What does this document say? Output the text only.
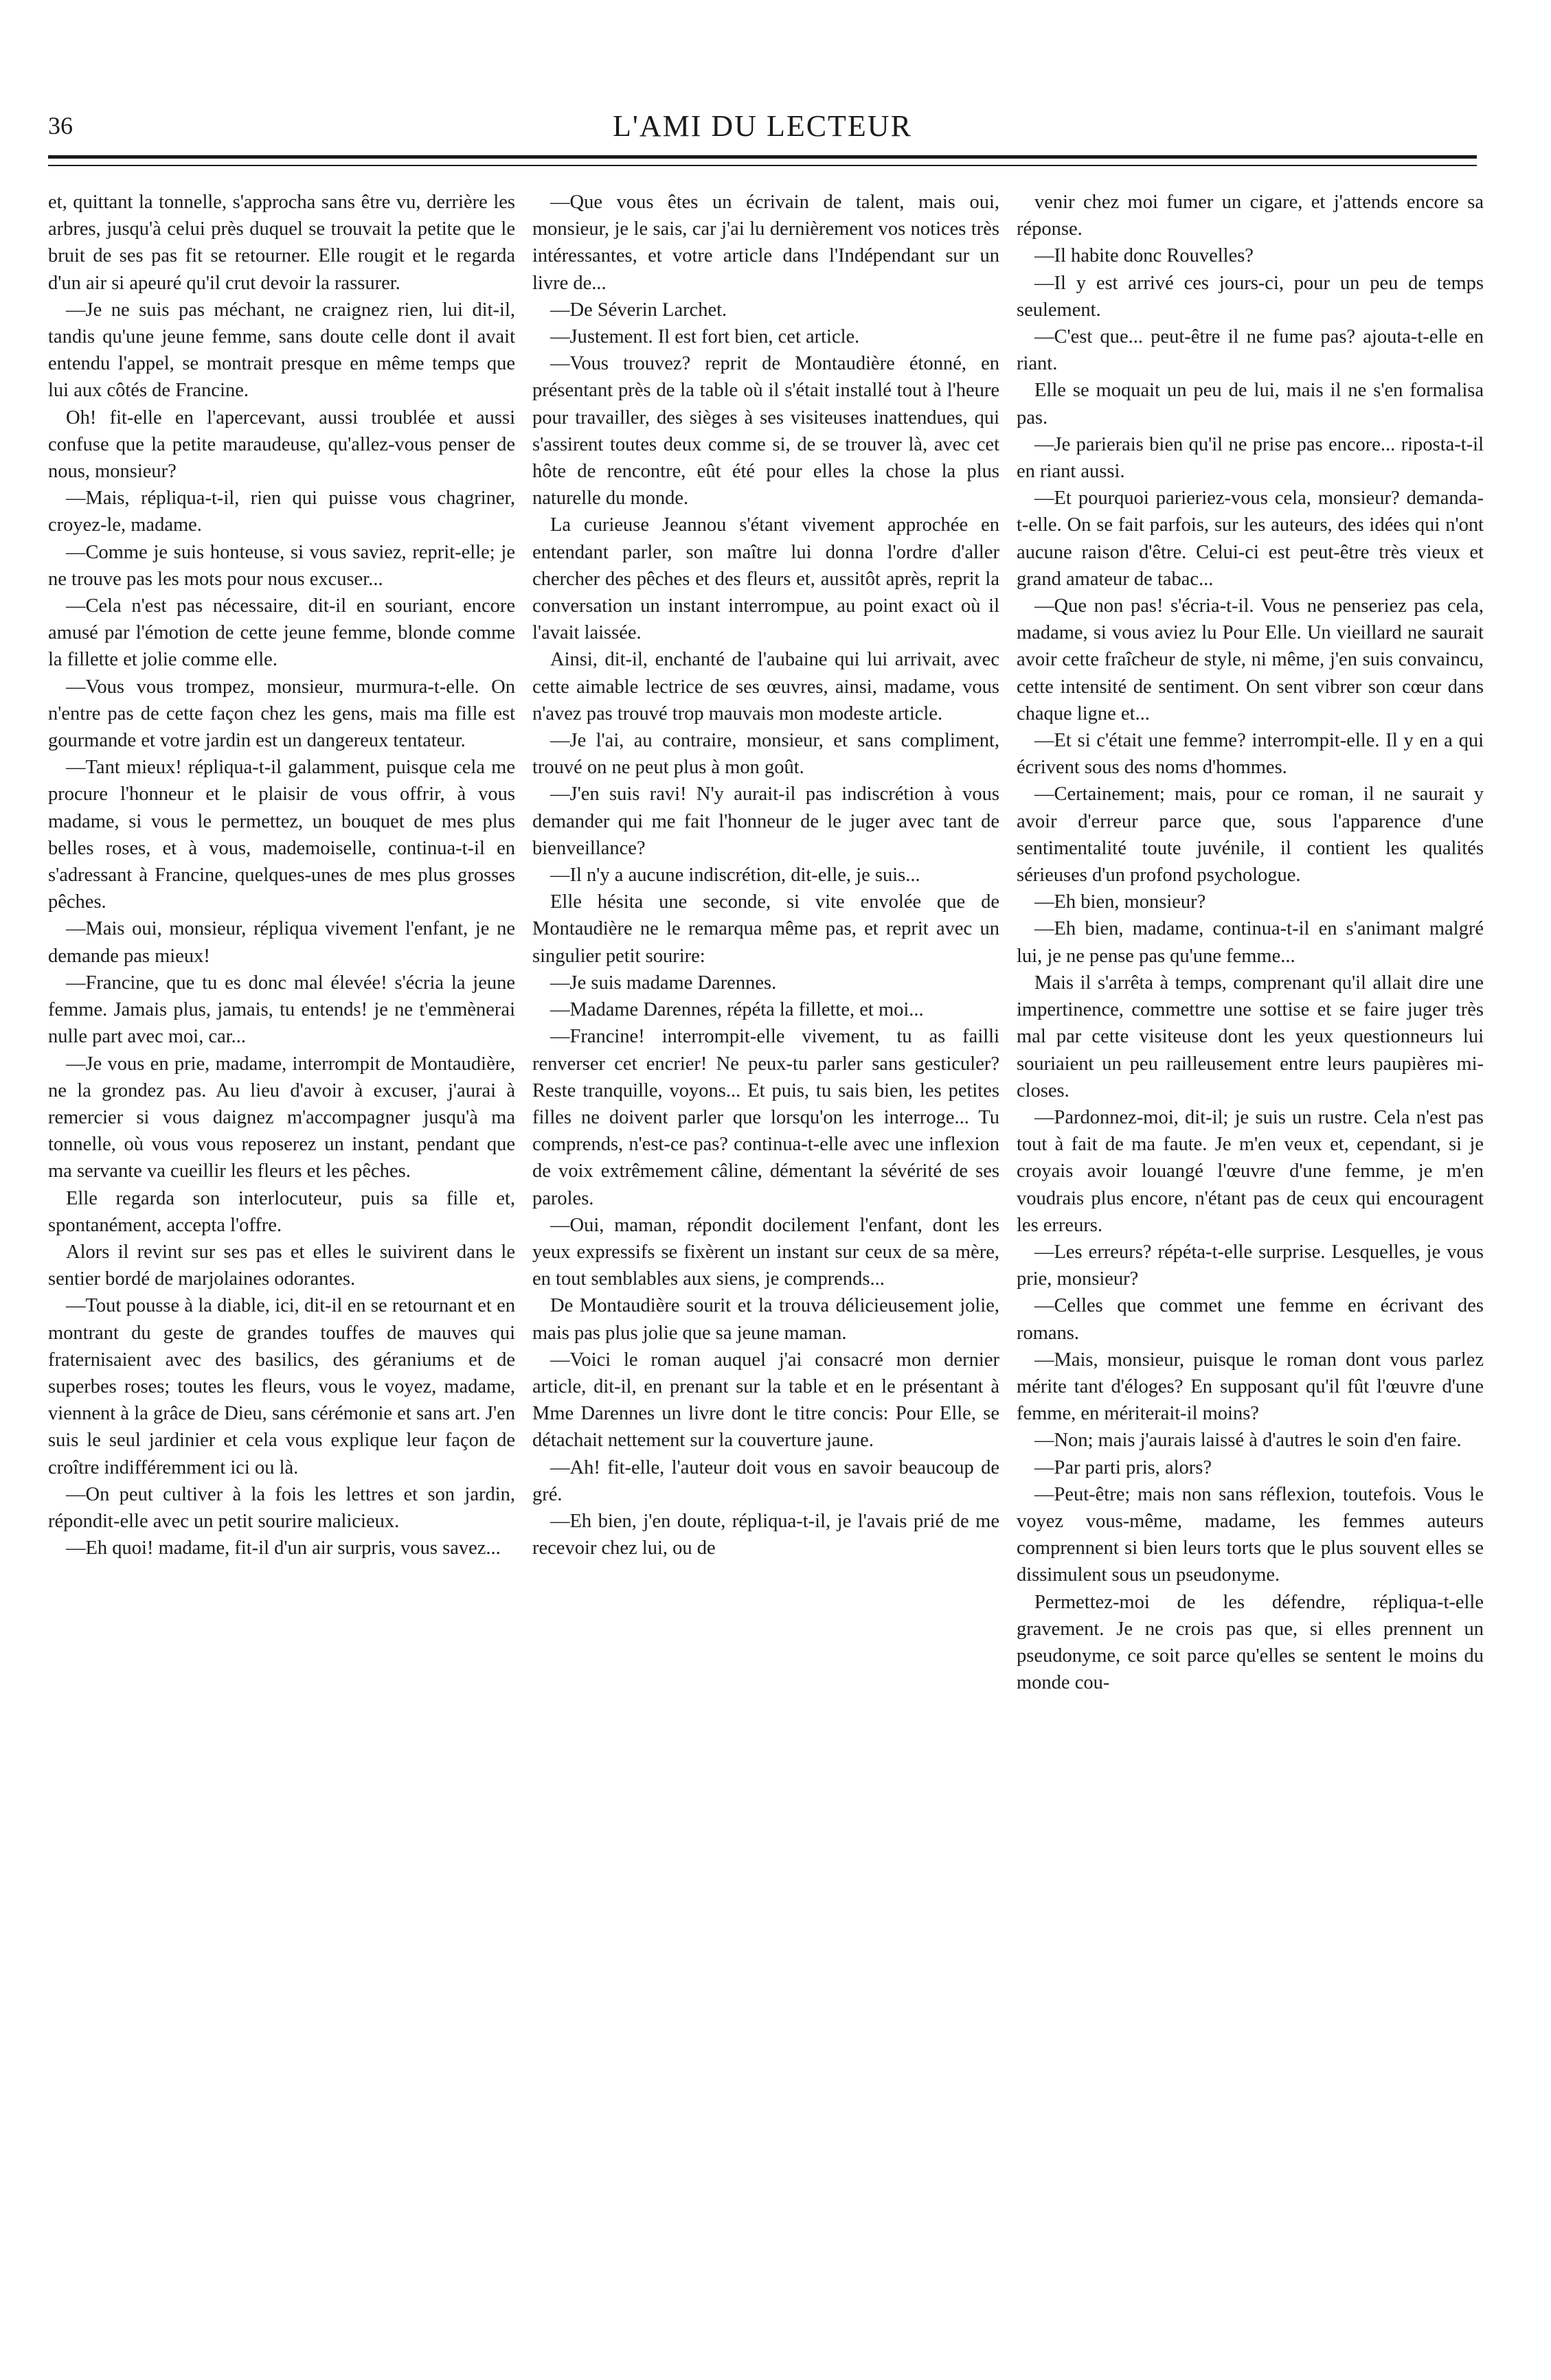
36	L'AMI DU LECTEUR

et, quittant la tonnelle, s'approcha sans être vu, derrière les arbres, jusqu'à celui près duquel se trouvait la petite que le bruit de ses pas fit se retourner. Elle rougit et le regarda d'un air si apeuré qu'il crut devoir la rassurer.

—Je ne suis pas méchant, ne craignez rien, lui dit-il, tandis qu'une jeune femme, sans doute celle dont il avait entendu l'appel, se montrait presque en même temps que lui aux côtés de Francine.

Oh! fit-elle en l'apercevant, aussi troublée et aussi confuse que la petite maraudeuse, qu'allez-vous penser de nous, monsieur?

—Mais, répliqua-t-il, rien qui puisse vous chagriner, croyez-le, madame.

—Comme je suis honteuse, si vous saviez, reprit-elle; je ne trouve pas les mots pour nous excuser...

—Cela n'est pas nécessaire, dit-il en souriant, encore amusé par l'émotion de cette jeune femme, blonde comme la fillette et jolie comme elle.

—Vous vous trompez, monsieur, murmura-t-elle. On n'entre pas de cette façon chez les gens, mais ma fille est gourmande et votre jardin est un dangereux tentateur.

—Tant mieux! répliqua-t-il galamment, puisque cela me procure l'honneur et le plaisir de vous offrir, à vous madame, si vous le permettez, un bouquet de mes plus belles roses, et à vous, mademoiselle, continua-t-il en s'adressant à Francine, quelques-unes de mes plus grosses pêches.

—Mais oui, monsieur, répliqua vivement l'enfant, je ne demande pas mieux!

—Francine, que tu es donc mal élevée! s'écria la jeune femme. Jamais plus, jamais, tu entends! je ne t'emmènerai nulle part avec moi, car...

—Je vous en prie, madame, interrompit de Montaudière, ne la grondez pas. Au lieu d'avoir à excuser, j'aurai à remercier si vous daignez m'accompagner jusqu'à ma tonnelle, où vous vous reposerez un instant, pendant que ma servante va cueillir les fleurs et les pêches.

Elle regarda son interlocuteur, puis sa fille et, spontanément, accepta l'offre.

Alors il revint sur ses pas et elles le suivirent dans le sentier bordé de marjolaines odorantes.

—Tout pousse à la diable, ici, dit-il en se retournant et en montrant du geste de grandes touffes de mauves qui fraternisaient avec des basilics, des géraniums et de superbes roses; toutes les fleurs, vous le voyez, madame, viennent à la grâce de Dieu, sans cérémonie et sans art. J'en suis le seul jardinier et cela vous explique leur façon de croître indifféremment ici ou là.

—On peut cultiver à la fois les lettres et son jardin, répondit-elle avec un petit sourire malicieux.

—Eh quoi! madame, fit-il d'un air surpris, vous savez...

—Que vous êtes un écrivain de talent, mais oui, monsieur, je le sais, car j'ai lu dernièrement vos notices très intéressantes, et votre article dans l'Indépendant sur un livre de...

—De Séverin Larchet.

—Justement. Il est fort bien, cet article.

—Vous trouvez? reprit de Montaudière étonné, en présentant près de la table où il s'était installé tout à l'heure pour travailler, des sièges à ses visiteuses inattendues, qui s'assirent toutes deux comme si, de se trouver là, avec cet hôte de rencontre, eût été pour elles la chose la plus naturelle du monde.

La curieuse Jeannou s'étant vivement approchée en entendant parler, son maître lui donna l'ordre d'aller chercher des pêches et des fleurs et, aussitôt après, reprit la conversation un instant interrompue, au point exact où il l'avait laissée.

Ainsi, dit-il, enchanté de l'aubaine qui lui arrivait, avec cette aimable lectrice de ses œuvres, ainsi, madame, vous n'avez pas trouvé trop mauvais mon modeste article.

—Je l'ai, au contraire, monsieur, et sans compliment, trouvé on ne peut plus à mon goût.

—J'en suis ravi! N'y aurait-il pas indiscrétion à vous demander qui me fait l'honneur de le juger avec tant de bienveillance?

—Il n'y a aucune indiscrétion, dit-elle, je suis...

Elle hésita une seconde, si vite envolée que de Montaudière ne le remarqua même pas, et reprit avec un singulier petit sourire:

—Je suis madame Darennes.

—Madame Darennes, répéta la fillette, et moi...

—Francine! interrompit-elle vivement, tu as failli renverser cet encrier! Ne peux-tu parler sans gesticuler? Reste tranquille, voyons... Et puis, tu sais bien, les petites filles ne doivent parler que lorsqu'on les interroge... Tu comprends, n'est-ce pas? continua-t-elle avec une inflexion de voix extrêmement câline, démentant la sévérité de ses paroles.

—Oui, maman, répondit docilement l'enfant, dont les yeux expressifs se fixèrent un instant sur ceux de sa mère, en tout semblables aux siens, je comprends...

De Montaudière sourit et la trouva délicieusement jolie, mais pas plus jolie que sa jeune maman.

—Voici le roman auquel j'ai consacré mon dernier article, dit-il, en prenant sur la table et en le présentant à Mme Darennes un livre dont le titre concis: Pour Elle, se détachait nettement sur la couverture jaune.

—Ah! fit-elle, l'auteur doit vous en savoir beaucoup de gré.

—Eh bien, j'en doute, répliqua-t-il, je l'avais prié de me recevoir chez lui, ou de

venir chez moi fumer un cigare, et j'attends encore sa réponse.

—Il habite donc Rouvelles?

—Il y est arrivé ces jours-ci, pour un peu de temps seulement.

—C'est que... peut-être il ne fume pas? ajouta-t-elle en riant.

Elle se moquait un peu de lui, mais il ne s'en formalisa pas.

—Je parierais bien qu'il ne prise pas encore... riposta-t-il en riant aussi.

—Et pourquoi parieriez-vous cela, monsieur? demanda-t-elle. On se fait parfois, sur les auteurs, des idées qui n'ont aucune raison d'être. Celui-ci est peut-être très vieux et grand amateur de tabac...

—Que non pas! s'écria-t-il. Vous ne penseriez pas cela, madame, si vous aviez lu Pour Elle. Un vieillard ne saurait avoir cette fraîcheur de style, ni même, j'en suis convaincu, cette intensité de sentiment. On sent vibrer son cœur dans chaque ligne et...

—Et si c'était une femme? interrompit-elle. Il y en a qui écrivent sous des noms d'hommes.

—Certainement; mais, pour ce roman, il ne saurait y avoir d'erreur parce que, sous l'apparence d'une sentimentalité toute juvénile, il contient les qualités sérieuses d'un profond psychologue.

—Eh bien, monsieur?

—Eh bien, madame, continua-t-il en s'animant malgré lui, je ne pense pas qu'une femme...

Mais il s'arrêta à temps, comprenant qu'il allait dire une impertinence, commettre une sottise et se faire juger très mal par cette visiteuse dont les yeux questionneurs lui souriaient un peu railleusement entre leurs paupières mi-closes.

—Pardonnez-moi, dit-il; je suis un rustre. Cela n'est pas tout à fait de ma faute. Je m'en veux et, cependant, si je croyais avoir louangé l'œuvre d'une femme, je m'en voudrais plus encore, n'étant pas de ceux qui encouragent les erreurs.

—Les erreurs? répéta-t-elle surprise. Lesquelles, je vous prie, monsieur?

—Celles que commet une femme en écrivant des romans.

—Mais, monsieur, puisque le roman dont vous parlez mérite tant d'éloges? En supposant qu'il fût l'œuvre d'une femme, en mériterait-il moins?

—Non; mais j'aurais laissé à d'autres le soin d'en faire.

—Par parti pris, alors?

—Peut-être; mais non sans réflexion, toutefois. Vous le voyez vous-même, madame, les femmes auteurs comprennent si bien leurs torts que le plus souvent elles se dissimulent sous un pseudonyme.

Permettez-moi de les défendre, répliqua-t-elle gravement. Je ne crois pas que, si elles prennent un pseudonyme, ce soit parce qu'elles se sentent le moins du monde cou-
